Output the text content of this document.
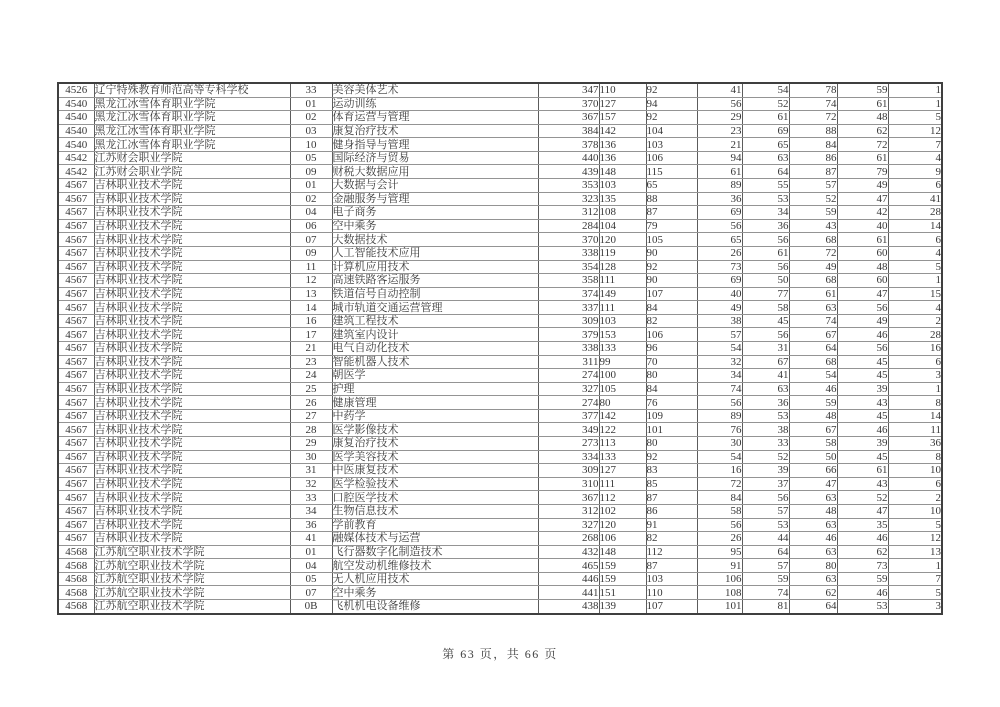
4526	辽宁特殊教育师范高等专科学校	33	美容美体艺术	347	110	92	41	54	78	59	1
4540	黑龙江冰雪体育职业学院	01	运动训练	370	127	94	56	52	74	61	1
4540	黑龙江冰雪体育职业学院	02	体育运营与管理	367	157	92	29	61	72	48	5
4540	黑龙江冰雪体育职业学院	03	康复治疗技术	384	142	104	23	69	88	62	12
4540	黑龙江冰雪体育职业学院	10	健身指导与管理	378	136	103	21	65	84	72	7
4542	江苏财会职业学院	05	国际经济与贸易	440	136	106	94	63	86	61	4
4542	江苏财会职业学院	09	财税大数据应用	439	148	115	61	64	87	79	9
4567	吉林职业技术学院	01	大数据与会计	353	103	65	89	55	57	49	6
4567	吉林职业技术学院	02	金融服务与管理	323	135	88	36	53	52	47	41
4567	吉林职业技术学院	04	电子商务	312	108	87	69	34	59	42	28
4567	吉林职业技术学院	06	空中乘务	284	104	79	56	36	43	40	14
4567	吉林职业技术学院	07	大数据技术	370	120	105	65	56	68	61	6
4567	吉林职业技术学院	09	人工智能技术应用	338	119	90	26	61	72	60	4
4567	吉林职业技术学院	11	计算机应用技术	354	128	92	73	56	49	48	5
4567	吉林职业技术学院	12	高速铁路客运服务	358	111	90	69	50	68	60	1
4567	吉林职业技术学院	13	铁道信号自动控制	374	149	107	40	77	61	47	15
4567	吉林职业技术学院	14	城市轨道交通运营管理	337	111	84	49	58	63	56	4
4567	吉林职业技术学院	16	建筑工程技术	309	103	82	38	45	74	49	2
4567	吉林职业技术学院	17	建筑室内设计	379	153	106	57	56	67	46	28
4567	吉林职业技术学院	21	电气自动化技术	338	133	96	54	31	64	56	16
4567	吉林职业技术学院	23	智能机器人技术	311	99	70	32	67	68	45	6
4567	吉林职业技术学院	24	朝医学	274	100	80	34	41	54	45	3
4567	吉林职业技术学院	25	护理	327	105	84	74	63	46	39	1
4567	吉林职业技术学院	26	健康管理	274	80	76	56	36	59	43	8
4567	吉林职业技术学院	27	中药学	377	142	109	89	53	48	45	14
4567	吉林职业技术学院	28	医学影像技术	349	122	101	76	38	67	46	11
4567	吉林职业技术学院	29	康复治疗技术	273	113	80	30	33	58	39	36
4567	吉林职业技术学院	30	医学美容技术	334	133	92	54	52	50	45	8
4567	吉林职业技术学院	31	中医康复技术	309	127	83	16	39	66	61	10
4567	吉林职业技术学院	32	医学检验技术	310	111	85	72	37	47	43	6
4567	吉林职业技术学院	33	口腔医学技术	367	112	87	84	56	63	52	2
4567	吉林职业技术学院	34	生物信息技术	312	102	86	58	57	48	47	10
4567	吉林职业技术学院	36	学前教育	327	120	91	56	53	63	35	5
4567	吉林职业技术学院	41	融媒体技术与运营	268	106	82	26	44	46	46	12
4568	江苏航空职业技术学院	01	飞行器数字化制造技术	432	148	112	95	64	63	62	13
4568	江苏航空职业技术学院	04	航空发动机维修技术	465	159	87	91	57	80	73	1
4568	江苏航空职业技术学院	05	无人机应用技术	446	159	103	106	59	63	59	7
4568	江苏航空职业技术学院	07	空中乘务	441	151	110	108	74	62	46	5
4568	江苏航空职业技术学院	0B	飞机机电设备维修	438	139	107	101	81	64	53	3
第 63 页，共 66 页
